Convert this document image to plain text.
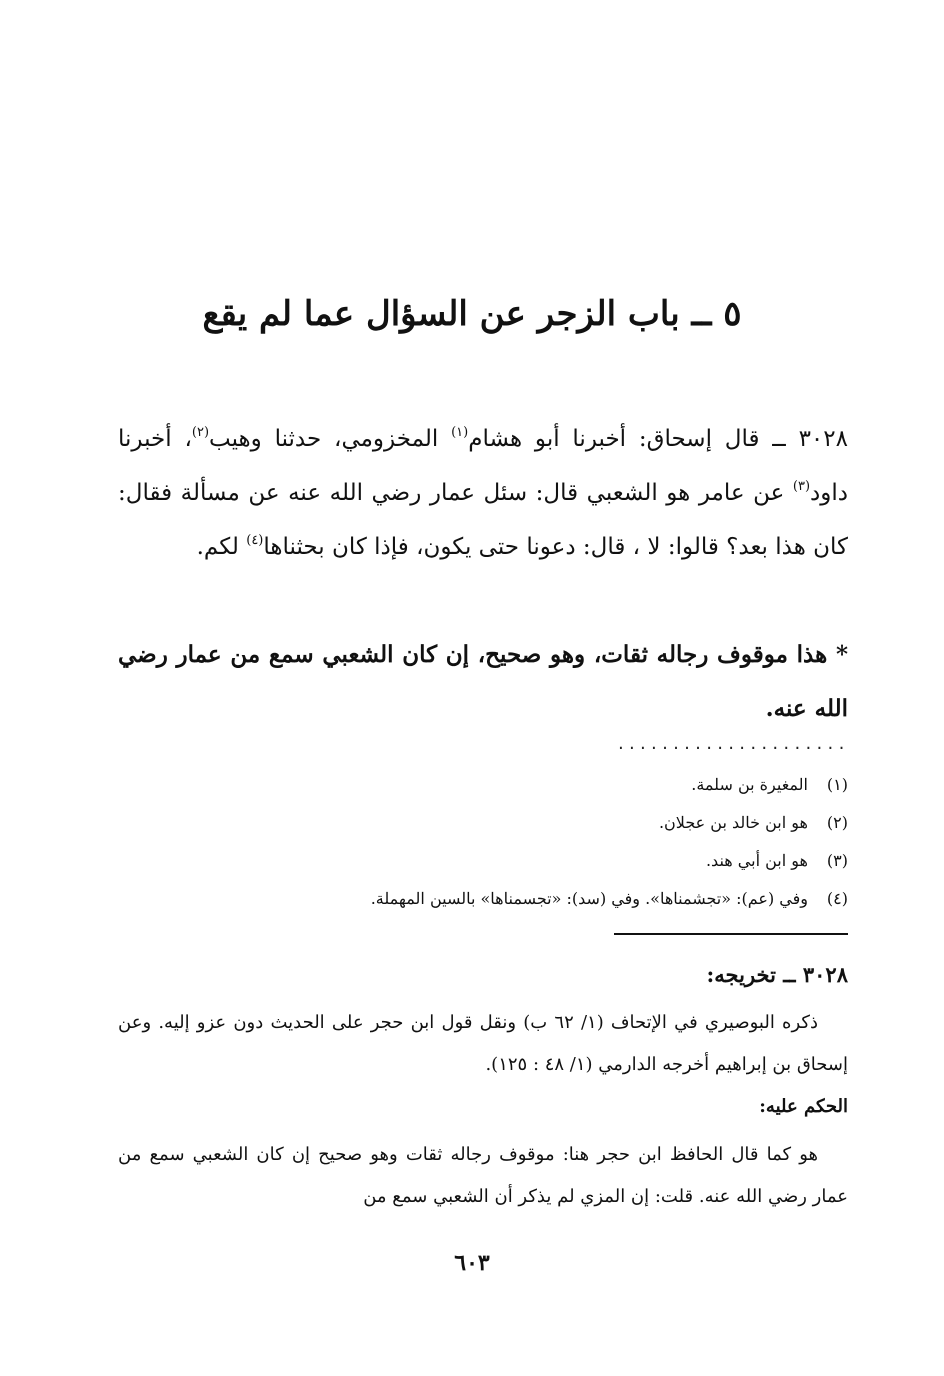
٥ ــ باب الزجر عن السؤال عما لم يقع

٣٠٢٨ ــ قال إسحاق: أخبرنا أبو هشام$^{(١)}$ المخزومي، حدثنا وهيب$^{(٢)}$، أخبرنا داود$^{(٣)}$ عن عامر هو الشعبي قال: سئل عمار رضي الله عنه عن مسألة فقال: كان هذا بعد؟ قالوا: لا ، قال: دعونا حتى يكون، فإذا كان بحثناها$^{(٤)}$ لكم.

* هذا موقوف رجاله ثقات، وهو صحيح، إن كان الشعبي سمع من عمار رضي الله عنه.

.....................
(١)المغيرة بن سلمة.
(٢)هو ابن خالد بن عجلان.
(٣)هو ابن أبي هند.
(٤)وفي (عم): «تجشمناها». وفي (سد): «تجسمناها» بالسين المهملة.
٣٠٢٨ ــ تخريجه:

ذكره البوصيري في الإتحاف (١/ ٦٢ ب) ونقل قول ابن حجر على الحديث دون عزو إليه. وعن إسحاق بن إبراهيم أخرجه الدارمي (١/ ٤٨ : ١٢٥).

الحكم عليه:

هو كما قال الحافظ ابن حجر هنا: موقوف رجاله ثقات وهو صحيح إن كان الشعبي سمع من عمار رضي الله عنه. قلت: إن المزي لم يذكر أن الشعبي سمع من

٦٠٣
